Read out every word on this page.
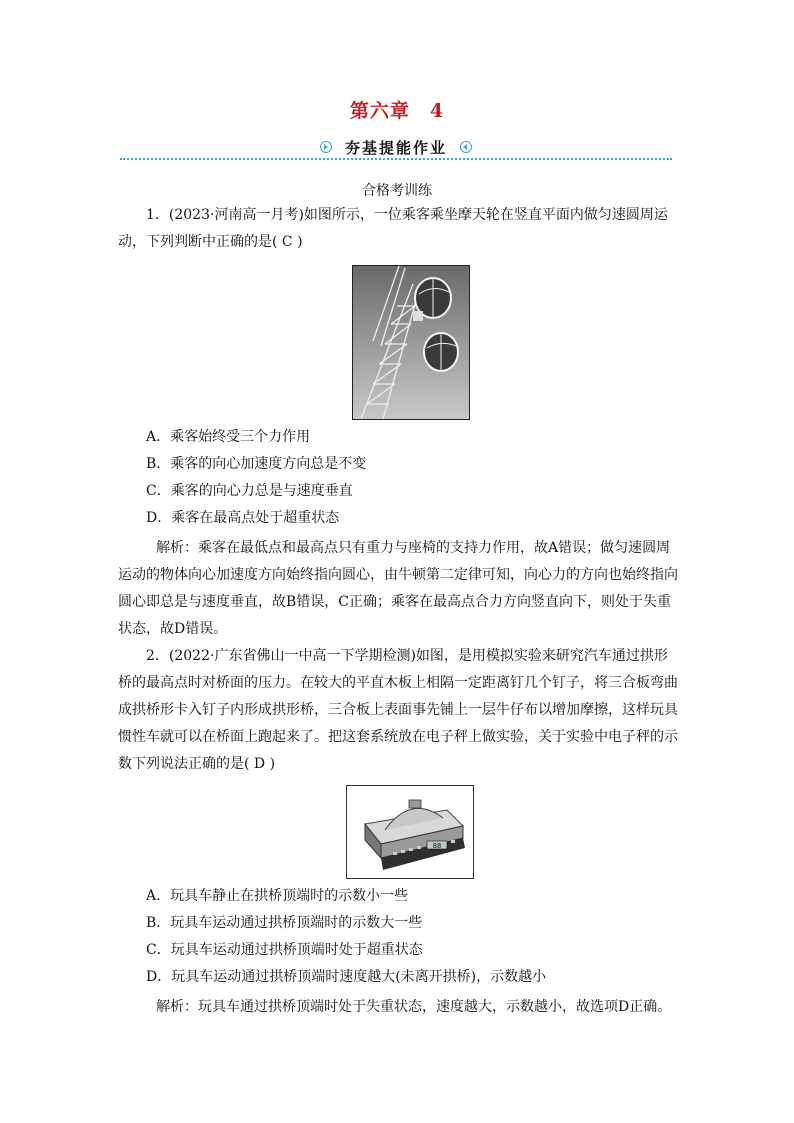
第六章　4
夯基提能作业
合格考训练
1．(2023·河南高一月考)如图所示，一位乘客乘坐摩天轮在竖直平面内做匀速圆周运
动，下列判断中正确的是( C )
A．乘客始终受三个力作用
B．乘客的向心加速度方向总是不变
C．乘客的向心力总是与速度垂直
D．乘客在最高点处于超重状态
解析：乘客在最低点和最高点只有重力与座椅的支持力作用，故A错误；做匀速圆周运动的物体向心加速度方向始终指向圆心，由牛顿第二定律可知，向心力的方向也始终指向圆心即总是与速度垂直，故B错误，C正确；乘客在最高点合力方向竖直向下，则处于失重状态，故D错误。
2．(2022·广东省佛山一中高一下学期检测)如图，是用模拟实验来研究汽车通过拱形桥的最高点时对桥面的压力。在较大的平直木板上相隔一定距离钉几个钉子，将三合板弯曲成拱桥形卡入钉子内形成拱形桥，三合板上表面事先铺上一层牛仔布以增加摩擦，这样玩具惯性车就可以在桥面上跑起来了。把这套系统放在电子秤上做实验，关于实验中电子秤的示数下列说法正确的是( D )
88
A．玩具车静止在拱桥顶端时的示数小一些
B．玩具车运动通过拱桥顶端时的示数大一些
C．玩具车运动通过拱桥顶端时处于超重状态
D．玩具车运动通过拱桥顶端时速度越大(未离开拱桥)，示数越小
解析：玩具车通过拱桥顶端时处于失重状态，速度越大，示数越小，故选项D正确。
